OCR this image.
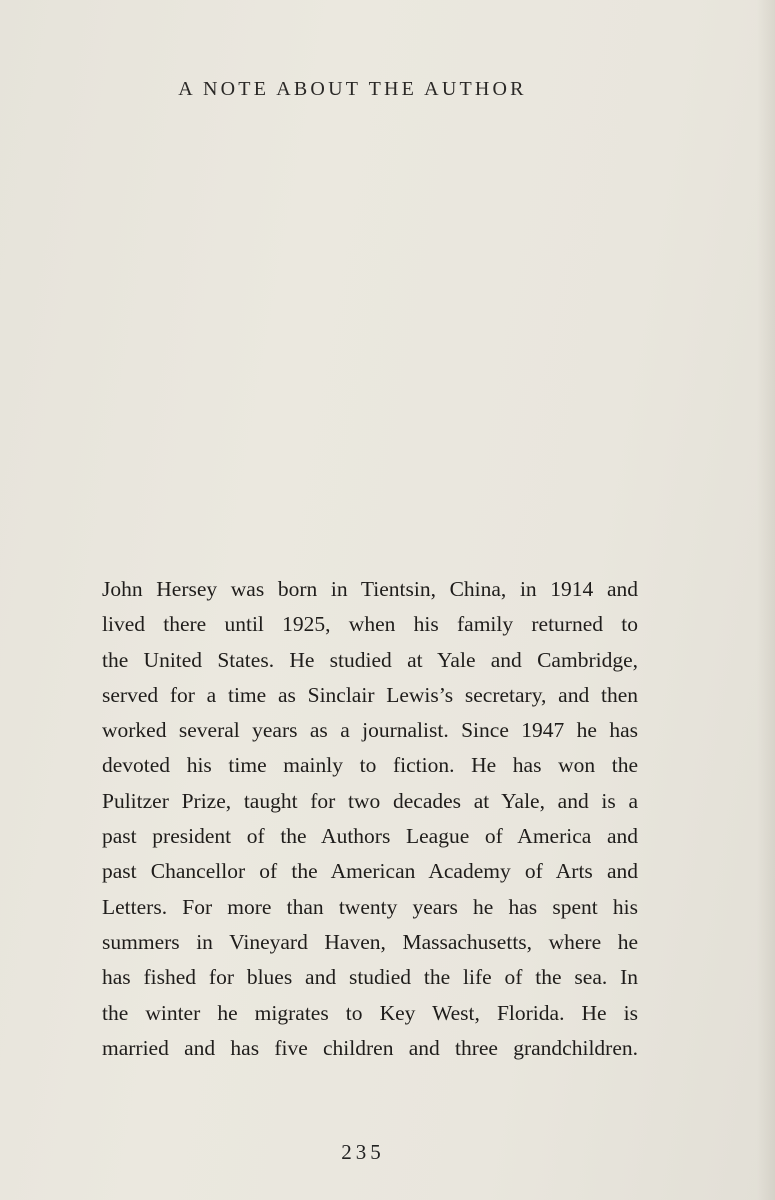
A NOTE ABOUT THE AUTHOR
John Hersey was born in Tientsin, China, in 1914 and
lived there until 1925, when his family returned to
the United States. He studied at Yale and Cambridge,
served for a time as Sinclair Lewis’s secretary, and then
worked several years as a journalist. Since 1947 he has
devoted his time mainly to fiction. He has won the
Pulitzer Prize, taught for two decades at Yale, and is a
past president of the Authors League of America and
past Chancellor of the American Academy of Arts and
Letters. For more than twenty years he has spent his
summers in Vineyard Haven, Massachusetts, where he
has fished for blues and studied the life of the sea. In
the winter he migrates to Key West, Florida. He is
married and has five children and three grandchildren.
235
